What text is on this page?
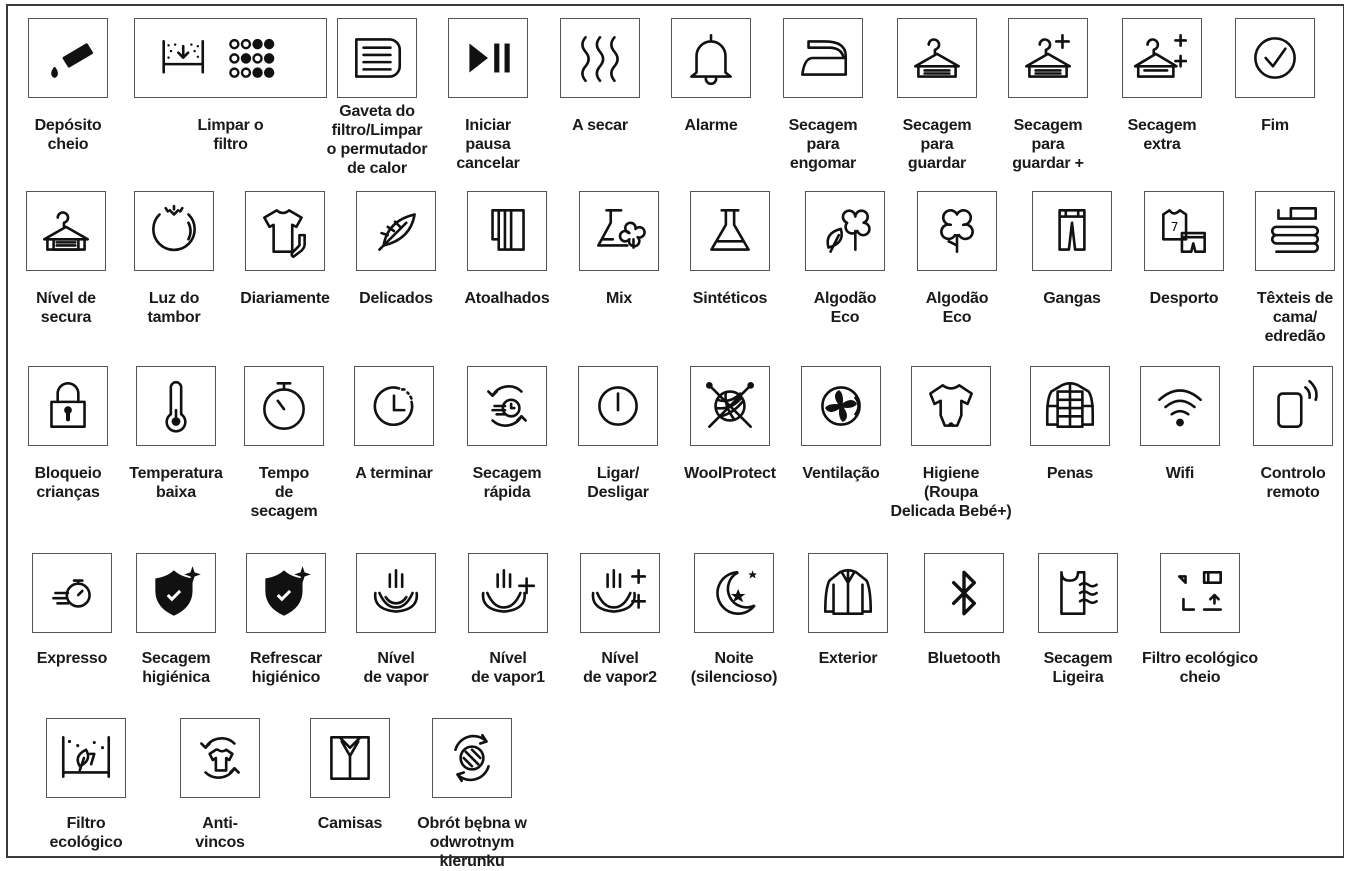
Depósito
cheio
Limpar o
filtro
Gaveta do
filtro/Limpar
o permutador
de calor
Iniciar
pausa
cancelar
A secar	Alarme	Secagem
para
engomar
Secagem
para
guardar
Secagem
para
guardar +
Secagem
extra
Fim
Nível de
secura
Luz do
tambor
Diariamente	Delicados	Atoalhados	Mix	Sintéticos	Algodão
Eco
Algodão
Eco
Gangas
7
Desporto	Têxteis de
cama/
edredão
Bloqueio
crianças
Temperatura
baixa
Tempo
de
secagem
A terminar	Secagem
rápida
Ligar/
Desligar
WoolProtect	Ventilação	Higiene
(Roupa
Delicada Bebé+)
Penas	Wifi	Controlo
remoto
Expresso	Secagem
higiénica
Refrescar
higiénico
Nível
de vapor
Nível
de vapor1
Nível
de vapor2
Noite
(silencioso)
Exterior	Bluetooth	Secagem
Ligeira
Filtro ecológico
cheio
Filtro
ecológico
Anti-
vincos
Camisas	Obrót bębna w
odwrotnym kierunku
